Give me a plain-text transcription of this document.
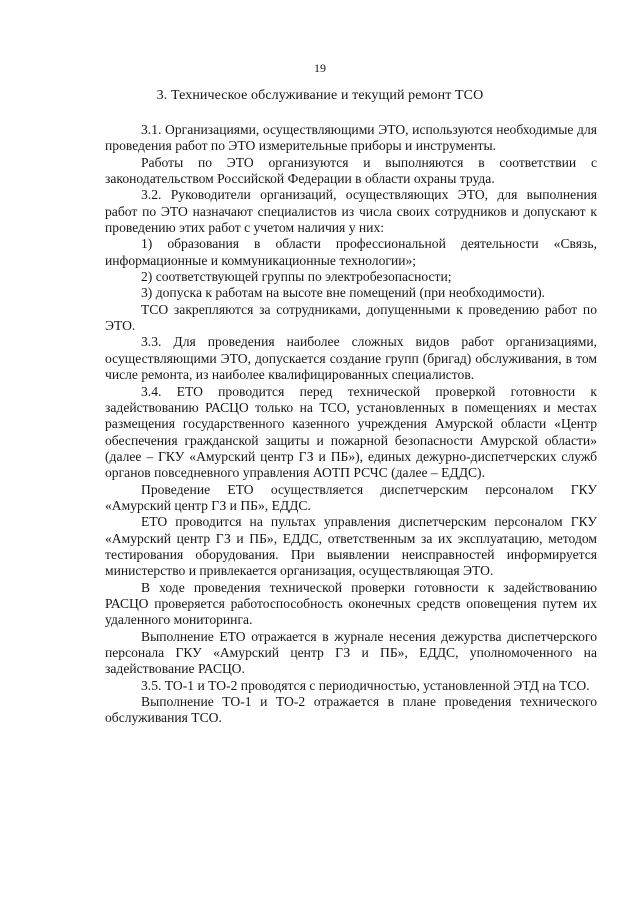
19
3. Техническое обслуживание и текущий ремонт ТСО

3.1. Организациями, осуществляющими ЭТО, используются необходимые для проведения работ по ЭТО измерительные приборы и инструменты.

Работы по ЭТО организуются и выполняются в соответствии с законодательством Российской Федерации в области охраны труда.

3.2. Руководители организаций, осуществляющих ЭТО, для выполнения работ по ЭТО назначают специалистов из числа своих сотрудников и допускают к проведению этих работ с учетом наличия у них:

1) образования в области профессиональной деятельности «Связь, информационные и коммуникационные технологии»;

2) соответствующей группы по электробезопасности;

3) допуска к работам на высоте вне помещений (при необходимости).

ТСО закрепляются за сотрудниками, допущенными к проведению работ по ЭТО.

3.3. Для проведения наиболее сложных видов работ организациями, осуществляющими ЭТО, допускается создание групп (бригад) обслуживания, в том числе ремонта, из наиболее квалифицированных специалистов.

3.4. ЕТО проводится перед технической проверкой готовности к задействованию РАСЦО только на ТСО, установленных в помещениях и местах размещения государственного казенного учреждения Амурской области «Центр обеспечения гражданской защиты и пожарной безопасности Амурской области» (далее – ГКУ «Амурский центр ГЗ и ПБ»), единых дежурно-диспетчерских служб органов повседневного управления АОТП РСЧС (далее – ЕДДС).

Проведение ЕТО осуществляется диспетчерским персоналом ГКУ «Амурский центр ГЗ и ПБ», ЕДДС.

ЕТО проводится на пультах управления диспетчерским персоналом ГКУ «Амурский центр ГЗ и ПБ», ЕДДС, ответственным за их эксплуатацию, методом тестирования оборудования. При выявлении неисправностей информируется министерство и привлекается организация, осуществляющая ЭТО.

В ходе проведения технической проверки готовности к задействованию РАСЦО проверяется работоспособность оконечных средств оповещения путем их удаленного мониторинга.

Выполнение ЕТО отражается в журнале несения дежурства диспетчерского персонала ГКУ «Амурский центр ГЗ и ПБ», ЕДДС, уполномоченного на задействование РАСЦО.

3.5. ТО-1 и ТО-2 проводятся с периодичностью, установленной ЭТД на ТСО.

Выполнение ТО-1 и ТО-2 отражается в плане проведения технического обслуживания ТСО.
